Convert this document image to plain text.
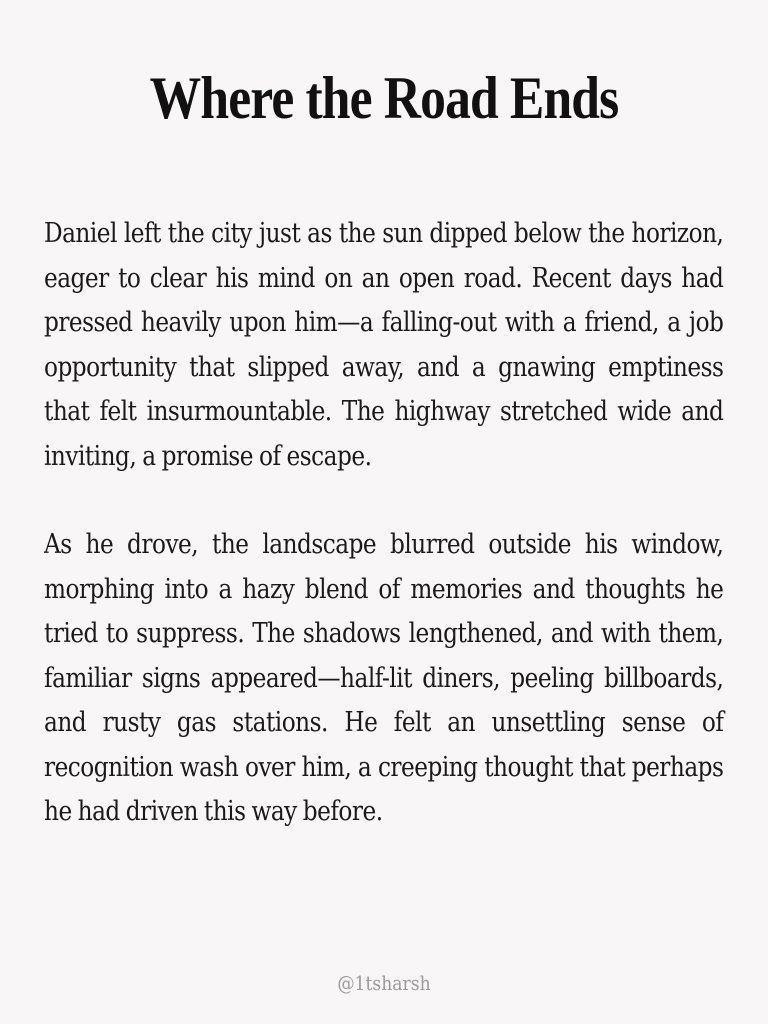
Where the Road Ends

Daniel left the city just as the sun dipped below the horizon, eager to clear his mind on an open road. Recent days had pressed heavily upon him—a falling-out with a friend, a job opportunity that slipped away, and a gnawing emptiness that felt insurmountable. The highway stretched wide and inviting, a promise of escape.

As he drove, the landscape blurred outside his window, morphing into a hazy blend of memories and thoughts he tried to suppress. The shadows lengthened, and with them, familiar signs appeared—half-lit diners, peeling billboards, and rusty gas stations. He felt an unsettling sense of recognition wash over him, a creeping thought that perhaps he had driven this way before.

@1tsharsh
